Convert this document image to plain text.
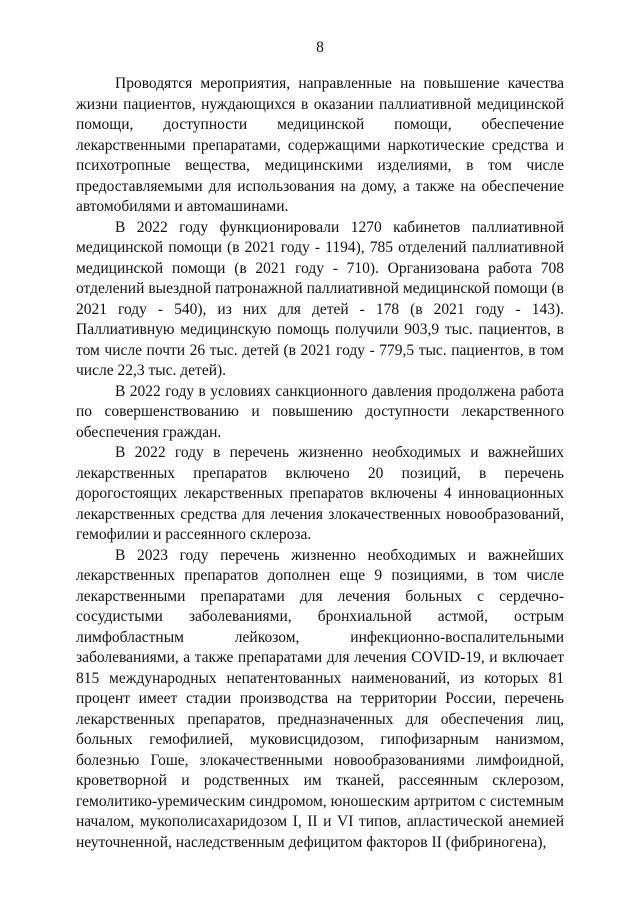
8

Проводятся мероприятия, направленные на повышение качества жизни пациентов, нуждающихся в оказании паллиативной медицинской помощи, доступности медицинской помощи, обеспечение лекарственными препаратами, содержащими наркотические средства и психотропные вещества, медицинскими изделиями, в том числе предоставляемыми для использования на дому, а также на обеспечение автомобилями и автомашинами.

В 2022 году функционировали 1270 кабинетов паллиативной медицинской помощи (в 2021 году - 1194), 785 отделений паллиативной медицинской помощи (в 2021 году - 710). Организована работа 708 отделений выездной патронажной паллиативной медицинской помощи (в 2021 году - 540), из них для детей - 178 (в 2021 году - 143). Паллиативную медицинскую помощь получили 903,9 тыс. пациентов, в том числе почти 26 тыс. детей (в 2021 году - 779,5 тыс. пациентов, в том числе 22,3 тыс. детей).

В 2022 году в условиях санкционного давления продолжена работа по совершенствованию и повышению доступности лекарственного обеспечения граждан.

В 2022 году в перечень жизненно необходимых и важнейших лекарственных препаратов включено 20 позиций, в перечень дорогостоящих лекарственных препаратов включены 4 инновационных лекарственных средства для лечения злокачественных новообразований, гемофилии и рассеянного склероза.

В 2023 году перечень жизненно необходимых и важнейших лекарственных препаратов дополнен еще 9 позициями, в том числе лекарственными препаратами для лечения больных с сердечно-сосудистыми заболеваниями, бронхиальной астмой, острым лимфобластным лейкозом, инфекционно-воспалительными заболеваниями, а также препаратами для лечения COVID-19, и включает 815 международных непатентованных наименований, из которых 81 процент имеет стадии производства на территории России, перечень лекарственных препаратов, предназначенных для обеспечения лиц, больных гемофилией, муковисцидозом, гипофизарным нанизмом, болезнью Гоше, злокачественными новообразованиями лимфоидной, кроветворной и родственных им тканей, рассеянным склерозом, гемолитико-уремическим синдромом, юношеским артритом с системным началом, мукополисахаридозом I, II и VI типов, апластической анемией неуточненной, наследственным дефицитом факторов II (фибриногена),
